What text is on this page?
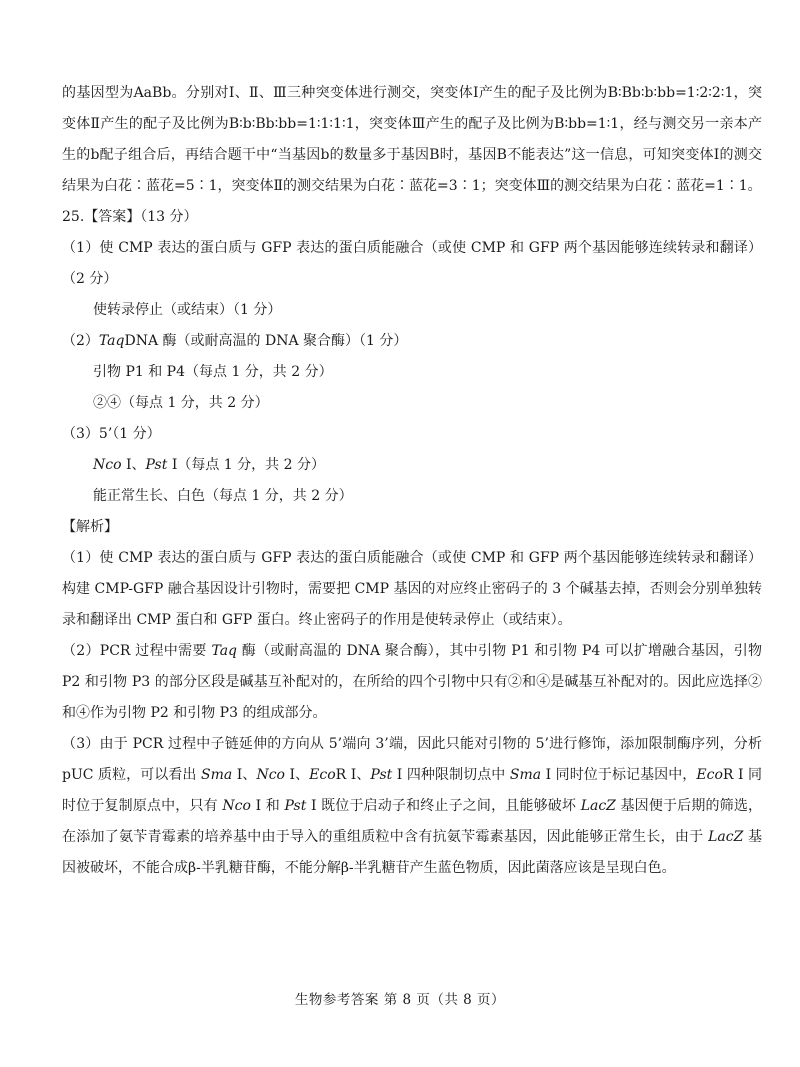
的基因型为AaBb。分别对Ⅰ、Ⅱ、Ⅲ三种突变体进行测交，突变体Ⅰ产生的配子及比例为B∶Bb∶b∶bb=1∶2∶2∶1，突变体Ⅱ产生的配子及比例为B∶b∶Bb∶bb=1∶1∶1∶1，突变体Ⅲ产生的配子及比例为B∶bb=1∶1，经与测交另一亲本产生的b配子组合后，再结合题干中“当基因b的数量多于基因B时，基因B不能表达”这一信息，可知突变体Ⅰ的测交结果为白花∶蓝花=5∶1，突变体Ⅱ的测交结果为白花∶蓝花=3∶1；突变体Ⅲ的测交结果为白花∶蓝花=1∶1。

25.【答案】（13 分）

（1）使 CMP 表达的蛋白质与 GFP 表达的蛋白质能融合（或使 CMP 和 GFP 两个基因能够连续转录和翻译）（2 分）

使转录停止（或结束）（1 分）

（2）TaqDNA 酶（或耐高温的 DNA 聚合酶）（1 分）

引物 P1 和 P4（每点 1 分，共 2 分）

②④（每点 1 分，共 2 分）

（3）5’（1 分）

Nco I、Pst I（每点 1 分，共 2 分）

能正常生长、白色（每点 1 分，共 2 分）

【解析】

（1）使 CMP 表达的蛋白质与 GFP 表达的蛋白质能融合（或使 CMP 和 GFP 两个基因能够连续转录和翻译）构建 CMP-GFP 融合基因设计引物时，需要把 CMP 基因的对应终止密码子的 3 个碱基去掉，否则会分别单独转录和翻译出 CMP 蛋白和 GFP 蛋白。终止密码子的作用是使转录停止（或结束）。

（2）PCR 过程中需要 Taq 酶（或耐高温的 DNA 聚合酶），其中引物 P1 和引物 P4 可以扩增融合基因，引物 P2 和引物 P3 的部分区段是碱基互补配对的，在所给的四个引物中只有②和④是碱基互补配对的。因此应选择②和④作为引物 P2 和引物 P3 的组成部分。

（3）由于 PCR 过程中子链延伸的方向从 5’端向 3’端，因此只能对引物的 5’进行修饰，添加限制酶序列，分析 pUC 质粒，可以看出 Sma I、Nco I、EcoR I、Pst I 四种限制切点中 Sma I 同时位于标记基因中，EcoR I 同时位于复制原点中，只有 Nco I 和 Pst I 既位于启动子和终止子之间，且能够破坏 LacZ 基因便于后期的筛选，在添加了氨苄青霉素的培养基中由于导入的重组质粒中含有抗氨苄霉素基因，因此能够正常生长，由于 LacZ 基因被破坏，不能合成β-半乳糖苷酶，不能分解β-半乳糖苷产生蓝色物质，因此菌落应该是呈现白色。

生物参考答案 第 8 页（共 8 页）
